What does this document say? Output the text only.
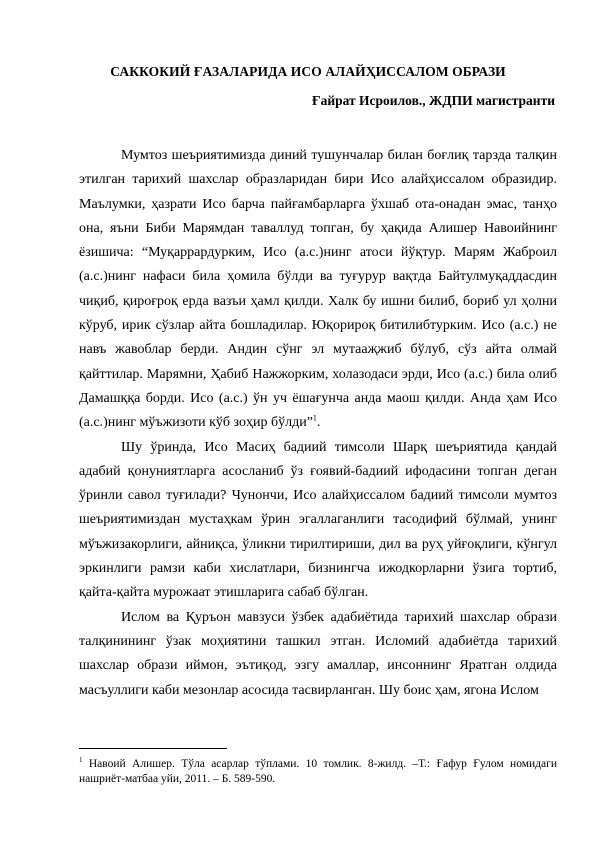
САККОКИЙ ҒАЗАЛАРИДА ИСО АЛАЙҲИССАЛОМ ОБРАЗИ
Ғайрат Исроилов., ЖДПИ магистранти

Мумтоз шеъриятимизда диний тушунчалар билан боғлиқ тарзда талқин этилган тарихий шахслар образларидан бири Исо алайҳиссалом образидир. Маълумки, ҳазрати Исо барча пайғамбарларга ўхшаб ота-онадан эмас, танҳо она, яъни Биби Марямдан таваллуд топган, бу ҳақида Алишер Навоийнинг ёзишича: “Муқаррардурким, Исо (а.с.)нинг атоси йўқтур. Марям Жаброил (а.с.)нинг нафаси била ҳомила бўлди ва туғурур вақтда Байтулмуқаддасдин чиқиб, қироғроқ ерда вазъи ҳамл қилди. Халк бу ишни билиб, бориб ул ҳолни кўруб, ирик сўзлар айта бошладилар. Юқорироқ битилибтурким. Исо (а.с.) не навъ жавоблар берди. Андин сўнг эл мутааҗжиб бўлуб, сўз айта олмай қайттилар. Марямни, Ҳабиб Нажжорким, холазодаси эрди, Исо (а.с.) била олиб Дамашққа борди. Исо (а.с.) ўн уч ёшағунча анда маош қилди. Анда ҳам Исо (а.с.)нинг мўъжизоти кўб зоҳир бўлди”$^1$.

Шу ўринда, Исо Масиҳ бадиий тимсоли Шарқ шеъриятида қандай адабий қонуниятларга асосланиб ўз ғоявий-бадиий ифодасини топган деган ўринли савол туғилади? Чунончи, Исо алайҳиссалом бадиий тимсоли мумтоз шеъриятимиздан мустаҳкам ўрин эгаллаганлиги тасодифий бўлмай, унинг мўъжизакорлиги, айниқса, ўликни тирилтириши, дил ва руҳ уйғоқлиги, кўнгул эркинлиги рамзи каби хислатлари, бизнингча ижодкорларни ўзига тортиб, қайта-қайта мурожаат этишларига сабаб бўлган.

Ислом ва Қуръон мавзуси ўзбек адабиётида тарихий шахслар образи талқинининг ўзак моҳиятини ташкил этган. Исломий адабиётда тарихий шахслар образи иймон, эътиқод, эзгу амаллар, инсоннинг Яратган олдида масъуллиги каби мезонлар асосида тасвирланган. Шу боис ҳам, ягона Ислом

$^1$ Навоий Алишер. Тўла асарлар тўплами. 10 томлик. 8-жилд. –Т.: Ғафур Ғулом номидаги нашриёт-матбаа уйи, 2011. – Б. 589-590.
